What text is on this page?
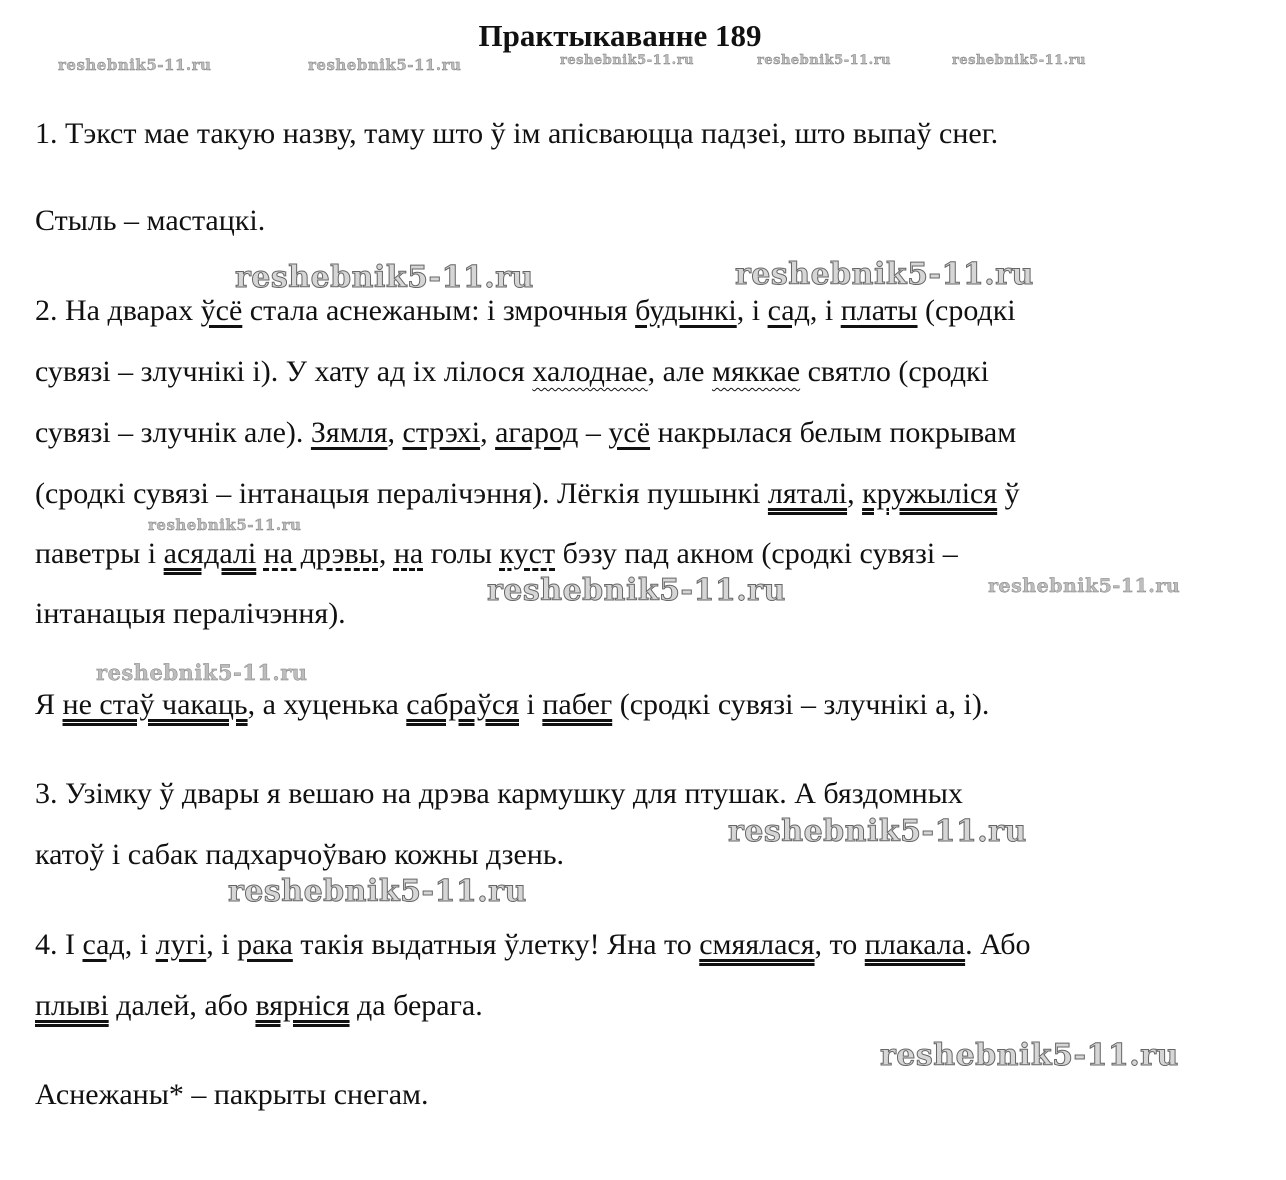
Практыкаванне 189
reshebnik5-11.ru	reshebnik5-11.ru	reshebnik5-11.ru	reshebnik5-11.ru	reshebnik5-11.ru
reshebnik5-11.ru	reshebnik5-11.ru
reshebnik5-11.ru
reshebnik5-11.ru	reshebnik5-11.ru
reshebnik5-11.ru
reshebnik5-11.ru
reshebnik5-11.ru
reshebnik5-11.ru
1. Тэкст мае такую назву, таму што ў ім апісваюцца падзеі, што выпаў снег.
Стыль – мастацкі.
2. На дварах ўсё стала аснежаным: і змрочныя будынкі, і сад, і платы (сродкі
сувязі – злучнікі і). У хату ад іх лілося халоднае, але мяккае святло (сродкі
сувязі – злучнік але). Зямля, стрэхі, агарод – усё накрылася белым покрывам
(сродкі сувязі – інтанацыя пералічэння). Лёгкія пушынкі ляталі, кружыліся ў
паветры і асядалі на дрэвы, на голы куст бэзу пад акном (сродкі сувязі –
інтанацыя пералічэння).
Я не стаў чакаць, а хуценька сабраўся і пабег (сродкі сувязі – злучнікі а, і).
3. Узімку ў двары я вешаю на дрэва кармушку для птушак. А бяздомных
катоў і сабак падхарчоўваю кожны дзень.
4. І сад, і лугі, і рака такія выдатныя ўлетку! Яна то смяялася, то плакала. Або
плыві далей, або вярніся да берага.
Аснежаны* – пакрыты снегам.
